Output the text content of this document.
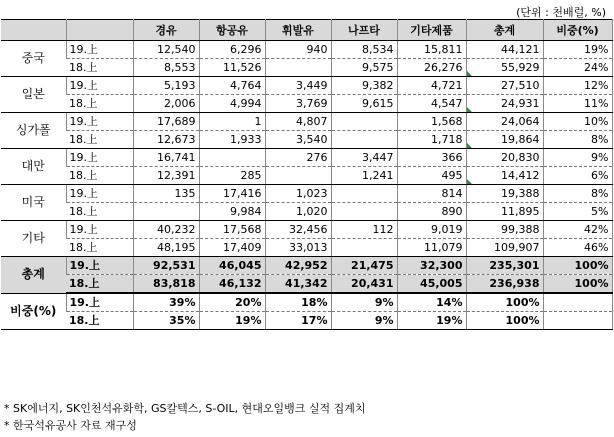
(단위 : 천배럴, %)
		경유	항공유	휘발유	나프타	기타제품	총계	비중(%)
중국	19.上	12,540	6,296	940	8,534	15,811	44,121	19%
	18.上	8,553	11,526		9,575	26,276	55,929	24%
일본	19.上	5,193	4,764	3,449	9,382	4,721	27,510	12%
	18.上	2,006	4,994	3,769	9,615	4,547	24,931	11%
싱가폴	19.上	17,689	1	4,807		1,568	24,064	10%
	18.上	12,673	1,933	3,540		1,718	19,864	8%
대만	19.上	16,741		276	3,447	366	20,830	9%
	18.上	12,391	285		1,241	495	14,412	6%
미국	19.上	135	17,416	1,023		814	19,388	8%
	18.上		9,984	1,020		890	11,895	5%
기타	19.上	40,232	17,568	32,456	112	9,019	99,388	42%
	18.上	48,195	17,409	33,013		11,079	109,907	46%
총계	19.上	92,531	46,045	42,952	21,475	32,300	235,301	100%
	18.上	83,818	46,132	41,342	20,431	45,005	236,938	100%
비중(%)	19.上	39%	20%	18%	9%	14%	100%	
	18.上	35%	19%	17%	9%	19%	100%	
* SK에너지, SK인천석유화학, GS칼텍스, S-OIL, 현대오일뱅크 실적 집계치
* 한국석유공사 자료 재구성
